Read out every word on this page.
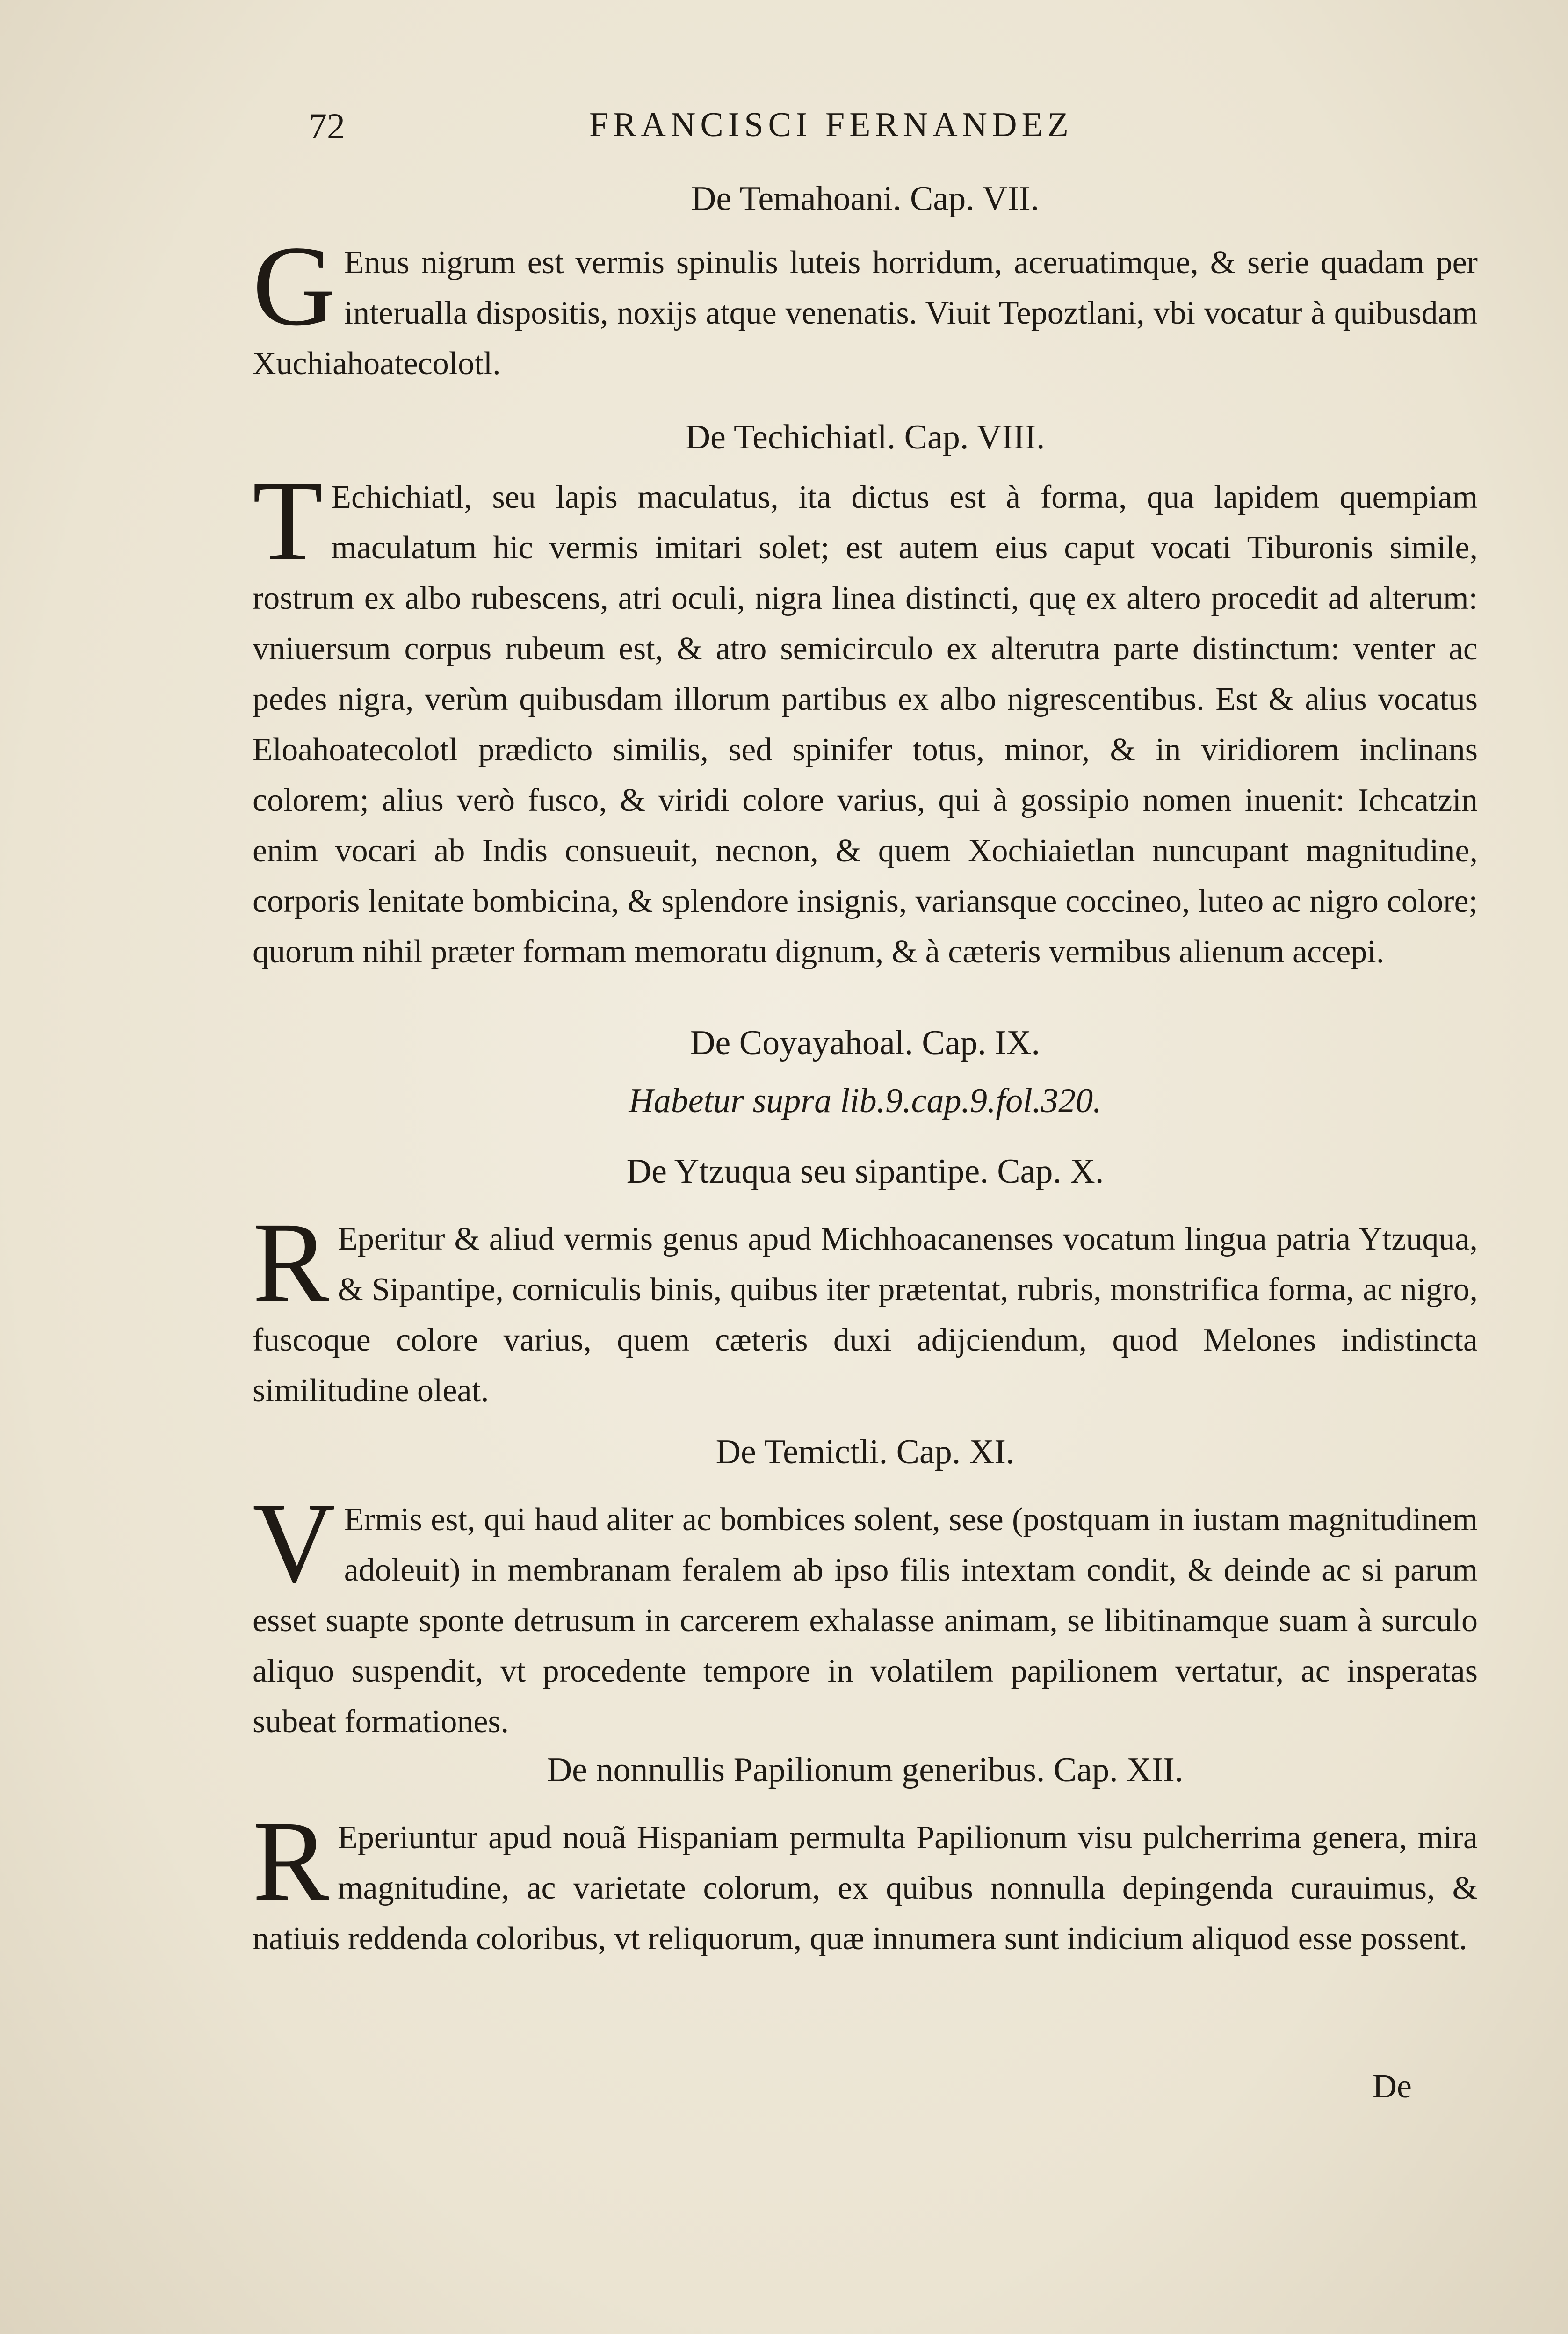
72	FRANCISCI FERNANDEZ

De Temahoani. Cap. VII.

G Enus nigrum est vermis spinulis luteis horridum, aceruatimque, & serie quadam per interualla dispositis, noxijs atque venenatis. Viuit Tepoztlani, vbi vocatur à quibusdam Xuchiahoatecolotl.

De Techichiatl. Cap. VIII.

T Echichiatl, seu lapis maculatus, ita dictus est à forma, qua lapidem quempiam maculatum hic vermis imitari solet; est autem eius caput vocati Tiburonis simile, rostrum ex albo rubescens, atri oculi, nigra linea distincti, quę ex altero procedit ad alterum: vniuersum corpus rubeum est, & atro semicirculo ex alterutra parte distinctum: venter ac pedes nigra, verùm quibusdam illorum partibus ex albo nigrescentibus. Est & alius vocatus Eloahoatecolotl prædicto similis, sed spinifer totus, minor, & in viridiorem inclinans colorem; alius verò fusco, & viridi colore varius, qui à gossipio nomen inuenit: Ichcatzin enim vocari ab Indis consueuit, necnon, & quem Xochiaietlan nuncupant magnitudine, corporis lenitate bombicina, & splendore insignis, variansque coccineo, luteo ac nigro colore; quorum nihil præter formam memoratu dignum, & à cæteris vermibus alienum accepi.

De Coyayahoal. Cap. IX.

Habetur supra lib.9.cap.9.fol.320.

De Ytzuqua seu sipantipe. Cap. X.

R Eperitur & aliud vermis genus apud Michhoacanenses vocatum lingua patria Ytzuqua, & Sipantipe, corniculis binis, quibus iter prætentat, rubris, monstrifica forma, ac nigro, fuscoque colore varius, quem cæteris duxi adijciendum, quod Melones indistincta similitudine oleat.

De Temictli. Cap. XI.

V Ermis est, qui haud aliter ac bombices solent, sese (postquam in iustam magnitudinem adoleuit) in membranam feralem ab ipso filis intextam condit, & deinde ac si parum esset suapte sponte detrusum in carcerem exhalasse animam, se libitinamque suam à surculo aliquo suspendit, vt procedente tempore in volatilem papilionem vertatur, ac insperatas subeat formationes.

De nonnullis Papilionum generibus. Cap. XII.

R Eperiuntur apud nouã Hispaniam permulta Papilionum visu pulcherrima genera, mira magnitudine, ac varietate colorum, ex quibus nonnulla depingenda curauimus, & natiuis reddenda coloribus, vt reliquorum, quæ innumera sunt indicium aliquod esse possent.

De
